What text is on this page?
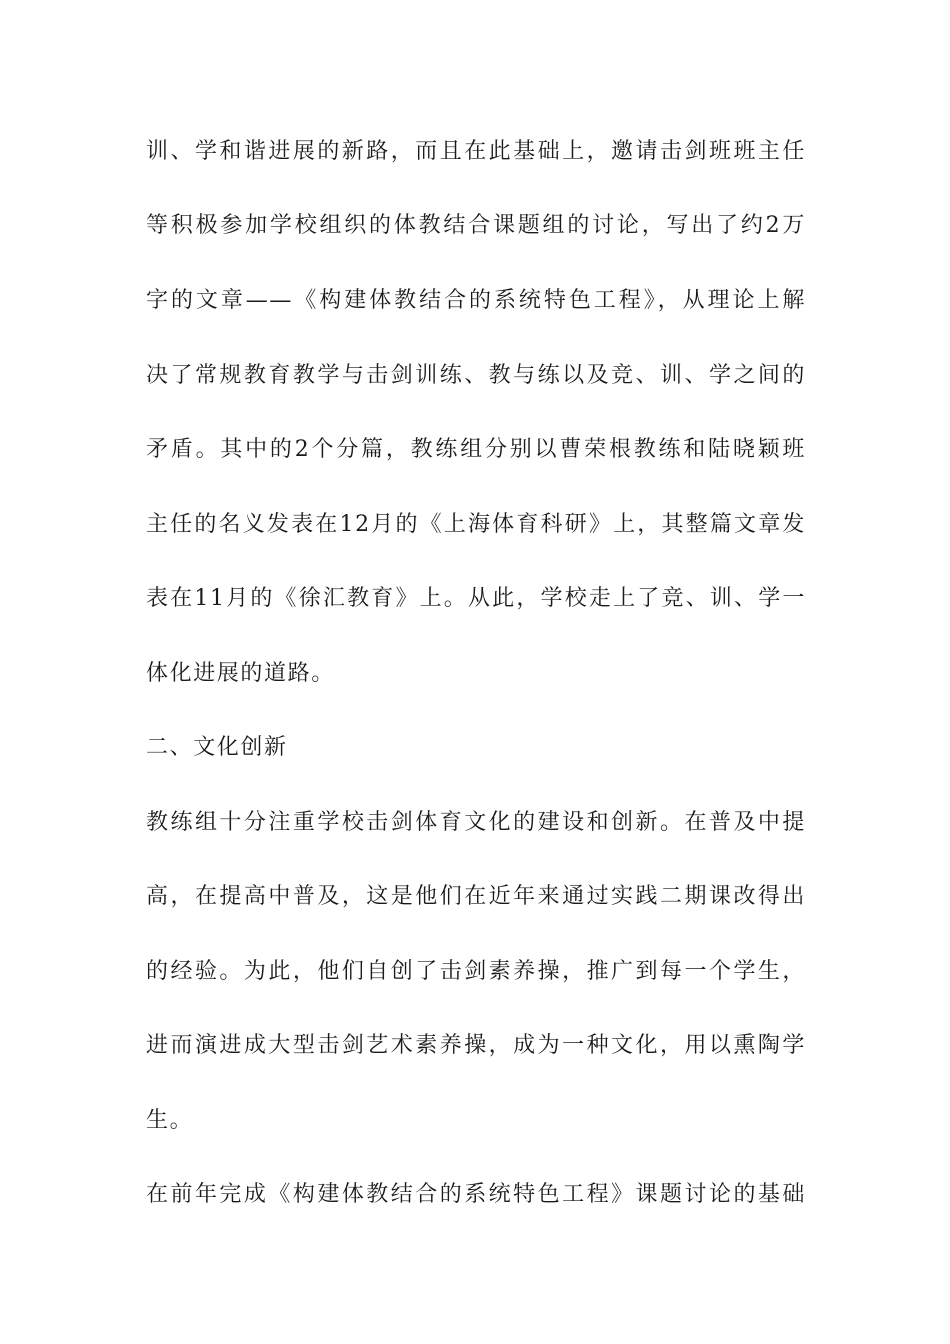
训、学和谐进展的新路，而且在此基础上，邀请击剑班班主任

等积极参加学校组织的体教结合课题组的讨论，写出了约2万

字的文章——《构建体教结合的系统特色工程》，从理论上解

决了常规教育教学与击剑训练、教与练以及竞、训、学之间的

矛盾。其中的2个分篇，教练组分别以曹荣根教练和陆晓颖班

主任的名义发表在12月的《上海体育科研》上，其整篇文章发

表在11月的《徐汇教育》上。从此，学校走上了竞、训、学一

体化进展的道路。

二、文化创新

教练组十分注重学校击剑体育文化的建设和创新。在普及中提

高，在提高中普及，这是他们在近年来通过实践二期课改得出

的经验。为此，他们自创了击剑素养操，推广到每一个学生，

进而演进成大型击剑艺术素养操，成为一种文化，用以熏陶学

生。

在前年完成《构建体教结合的系统特色工程》课题讨论的基础
